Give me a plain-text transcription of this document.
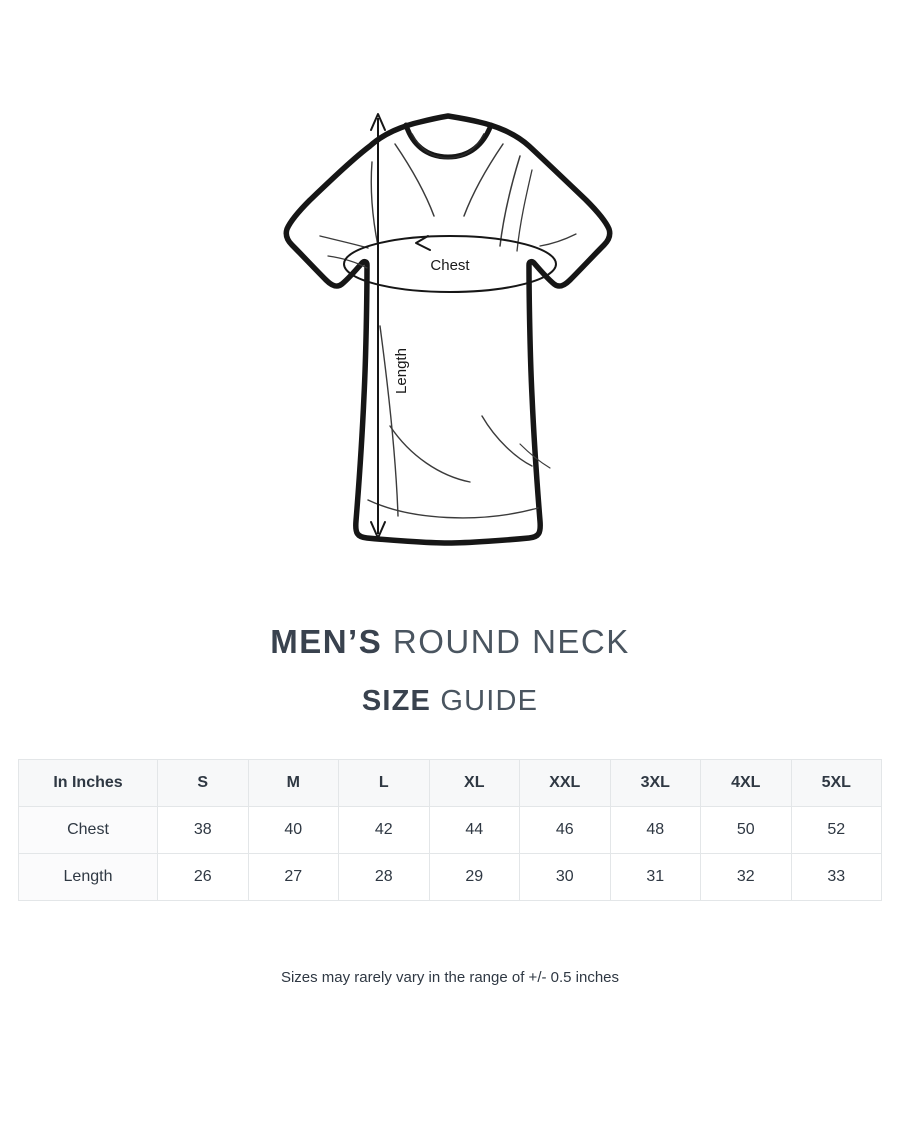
Chest
Length
MEN’S ROUND NECK
SIZE GUIDE
In Inches	S	M	L	XL	XXL	3XL	4XL	5XL
Chest	38	40	42	44	46	48	50	52
Length	26	27	28	29	30	31	32	33
Sizes may rarely vary in the range of +/- 0.5 inches
